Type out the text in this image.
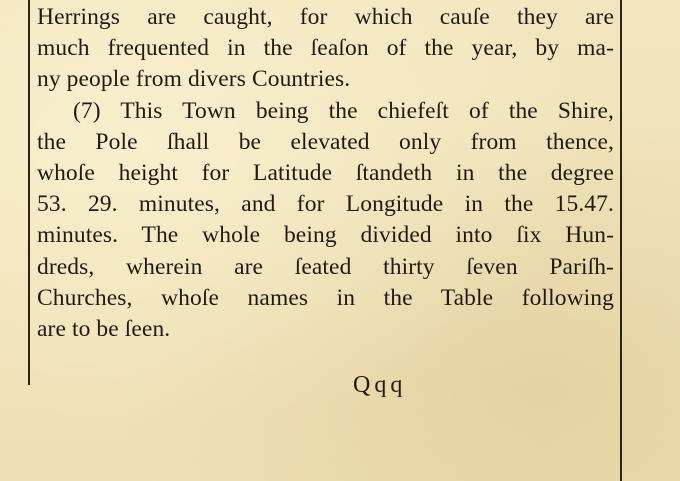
Herrings are caught, for which cauſe they are
much frequented in the ſeaſon of the year, by ma-
ny people from divers Countries.
(7) This Town being the chiefeſt of the Shire,
the Pole ſhall be elevated only from thence,
whoſe height for Latitude ſtandeth in the degree
53. 29. minutes, and for Longitude in the 15.47.
minutes. The whole being divided into ſix Hun-
dreds, wherein are ſeated thirty ſeven Pariſh-
Churches, whoſe names in the Table following
are to be ſeen.
Qqq
